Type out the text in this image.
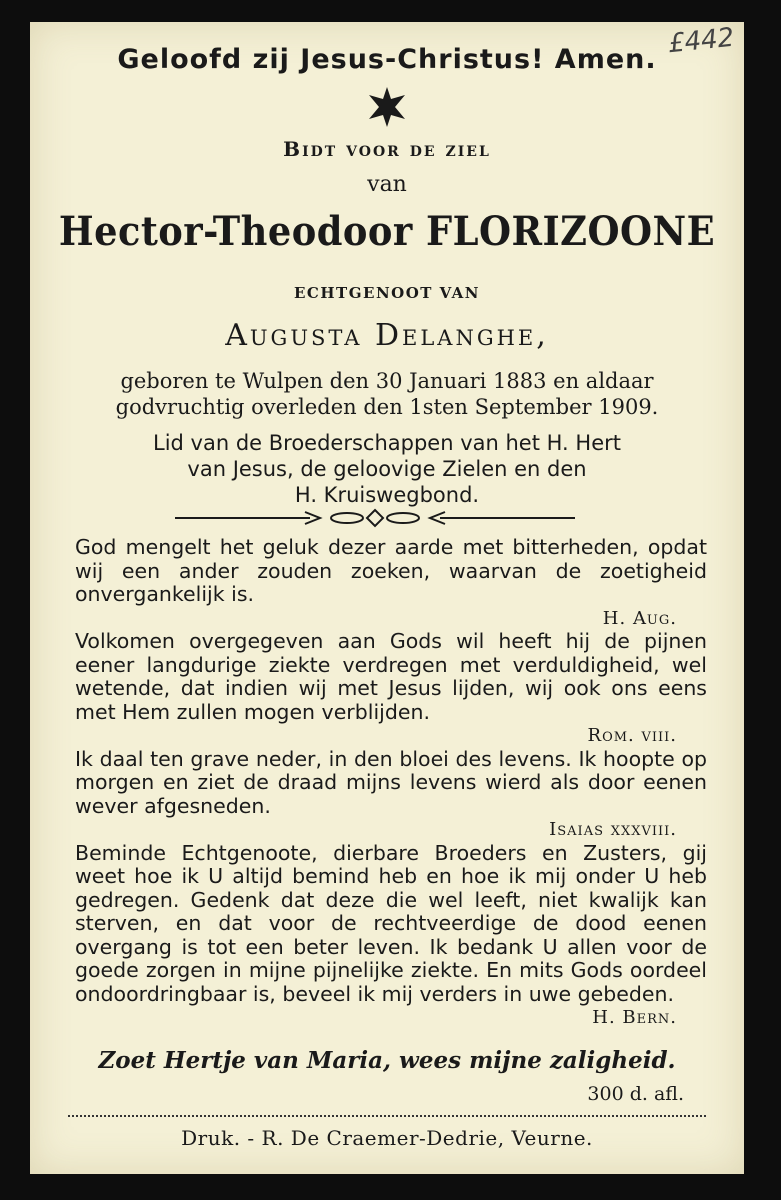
£442
Geloofd zij Jesus-Christus! Amen.
Bidt voor de ziel
van
Hector-Theodoor FLORIZOONE
ECHTGENOOT VAN
Augusta Delanghe,
geboren te Wulpen den 30 Januari 1883 en aldaar
godvruchtig overleden den 1sten September 1909.
Lid van de Broederschappen van het H. Hert
van Jesus, de geloovige Zielen en den
H. Kruiswegbond.

God mengelt het geluk dezer aarde met bitterheden, opdat wij een ander zouden zoeken, waarvan de zoetigheid onvergankelijk is.

H. Aug.

Volkomen overgegeven aan Gods wil heeft hij de pijnen eener langdurige ziekte verdregen met verduldigheid, wel wetende, dat indien wij met Jesus lijden, wij ook ons eens met Hem zullen mogen verblijden.

Rom. viii.

Ik daal ten grave neder, in den bloei des levens. Ik hoopte op morgen en ziet de draad mijns levens wierd als door eenen wever afgesneden.

Isaias xxxviii.

Beminde Echtgenoote, dierbare Broeders en Zusters, gij weet hoe ik U altijd bemind heb en hoe ik mij onder U heb gedregen. Gedenk dat deze die wel leeft, niet kwalijk kan sterven, en dat voor de rechtveerdige de dood eenen overgang is tot een beter leven. Ik bedank U allen voor de goede zorgen in mijne pijnelijke ziekte. En mits Gods oordeel ondoordringbaar is, beveel ik mij verders in uwe gebeden.

H. Bern.
Zoet Hertje van Maria, wees mijne zaligheid.
300 d. afl.
Druk. - R. De Craemer-Dedrie, Veurne.
